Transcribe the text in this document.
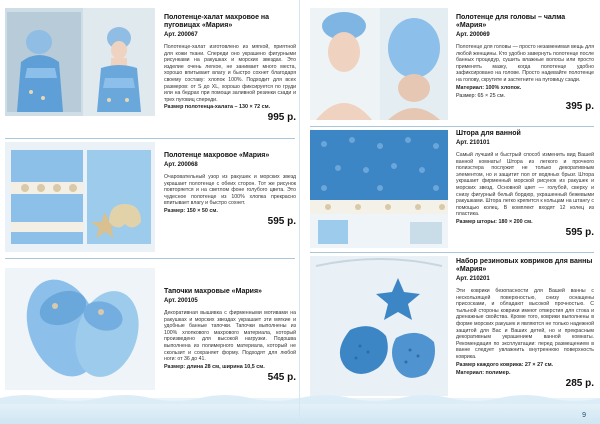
Полотенце-халат махровое на пуговицах «Мария»
Арт. 200067
Полотенце-халат изготовлено из мягкой, приятной для кожи ткани. Спереди оно украшено фигурными рисунками на ракушках и морских звездах. Это изделие очень легкое, не занимает много места, хорошо впитывает влагу и быстро сохнет благодаря своему составу: хлопок 100%. Подходит для всех размеров: от S до XL, хорошо фиксируется по груди или на бедрах при помощи заливной резинки сзади и трех пуговиц спереди.
Размер полотенца-халата – 130 × 72 см.
995 р.
Полотенце махровое «Мария»
Арт. 200068
Очаровательный узор из ракушек и морских звезд украшает полотенце с обеих сторон. Тот же рисунок повторяется и на светлом фоне голубого цвета. Это чудесное полотенце из 100% хлопка прекрасно впитывает влагу и быстро сохнет.
Размер: 150 × 50 см.
595 р.
Тапочки махровые «Мария»
Арт. 200105
Декоративная вышивка с фирменными мотивами на ракушках и морских звездах украшает эти мягкие и удобные банные тапочки. Тапочки выполнены из 100% хлопкового махрового материала, который произведено для высокой нагрузки. Подошва выполнена из полимерного материала, который не скользит и сохраняет форму. Подходят для любой ноги: от 36 до 41.
Размер: длина 28 см, ширина 10,5 см.
545 р.
Полотенце для головы – чалма «Мария»
Арт. 200069
Полотенце для головы — просто незаменимая вещь для любой женщины. Кто удобно завернуть полотенце после банных процедур, сушить влажные волосы или просто применять мазку, когда полотенце удобно зафиксировано на голове. Просто надевайте полотенце на голову, скрутите и застегните на пуговицу сзади.
Материал: 100% хлопок.
Размер: 65 × 25 см.
395 р.
Штора для ванной
Арт. 210101
Самый лучший и быстрый способ изменить вид Вашей ванной комнаты! Штора из легкого и прочного полиэстера послужит не только декоративным элементом, но и защитит пол от водяных брызг. Штора украшает фирменный морской рисунок из ракушек и морских звезд. Основной цвет — голубой, сверху и снизу фигурный белый бордюр, украшенный бежевыми ракушками. Штора легко крепится к кольцам на штангу с помощью колец. В комплект входят 12 колец из пластика.
Размер шторы: 180 × 200 см.
595 р.
Набор резиновых ковриков для ванны «Мария»
Арт. 210201
Эти коврики безопасности для Вашей ванны с нескользящей поверхностью, снизу оснащены присосками, и обладают высокой прочностью. С тыльной стороны коврики имеют отверстия для стока и дренажные свойства. Кроме того, коврики выполнены в форме морских ракушек и являются не только надежной защитой для Вас и Ваших детей, но и прекрасным декоративным украшением ванной комнаты. Рекомендация по эксплуатации: перед размещением в ванне следует увлажнить внутреннюю поверхность коврика.
Размер каждого коврика: 27 × 27 см.
Материал: полимер.
285 р.
9
